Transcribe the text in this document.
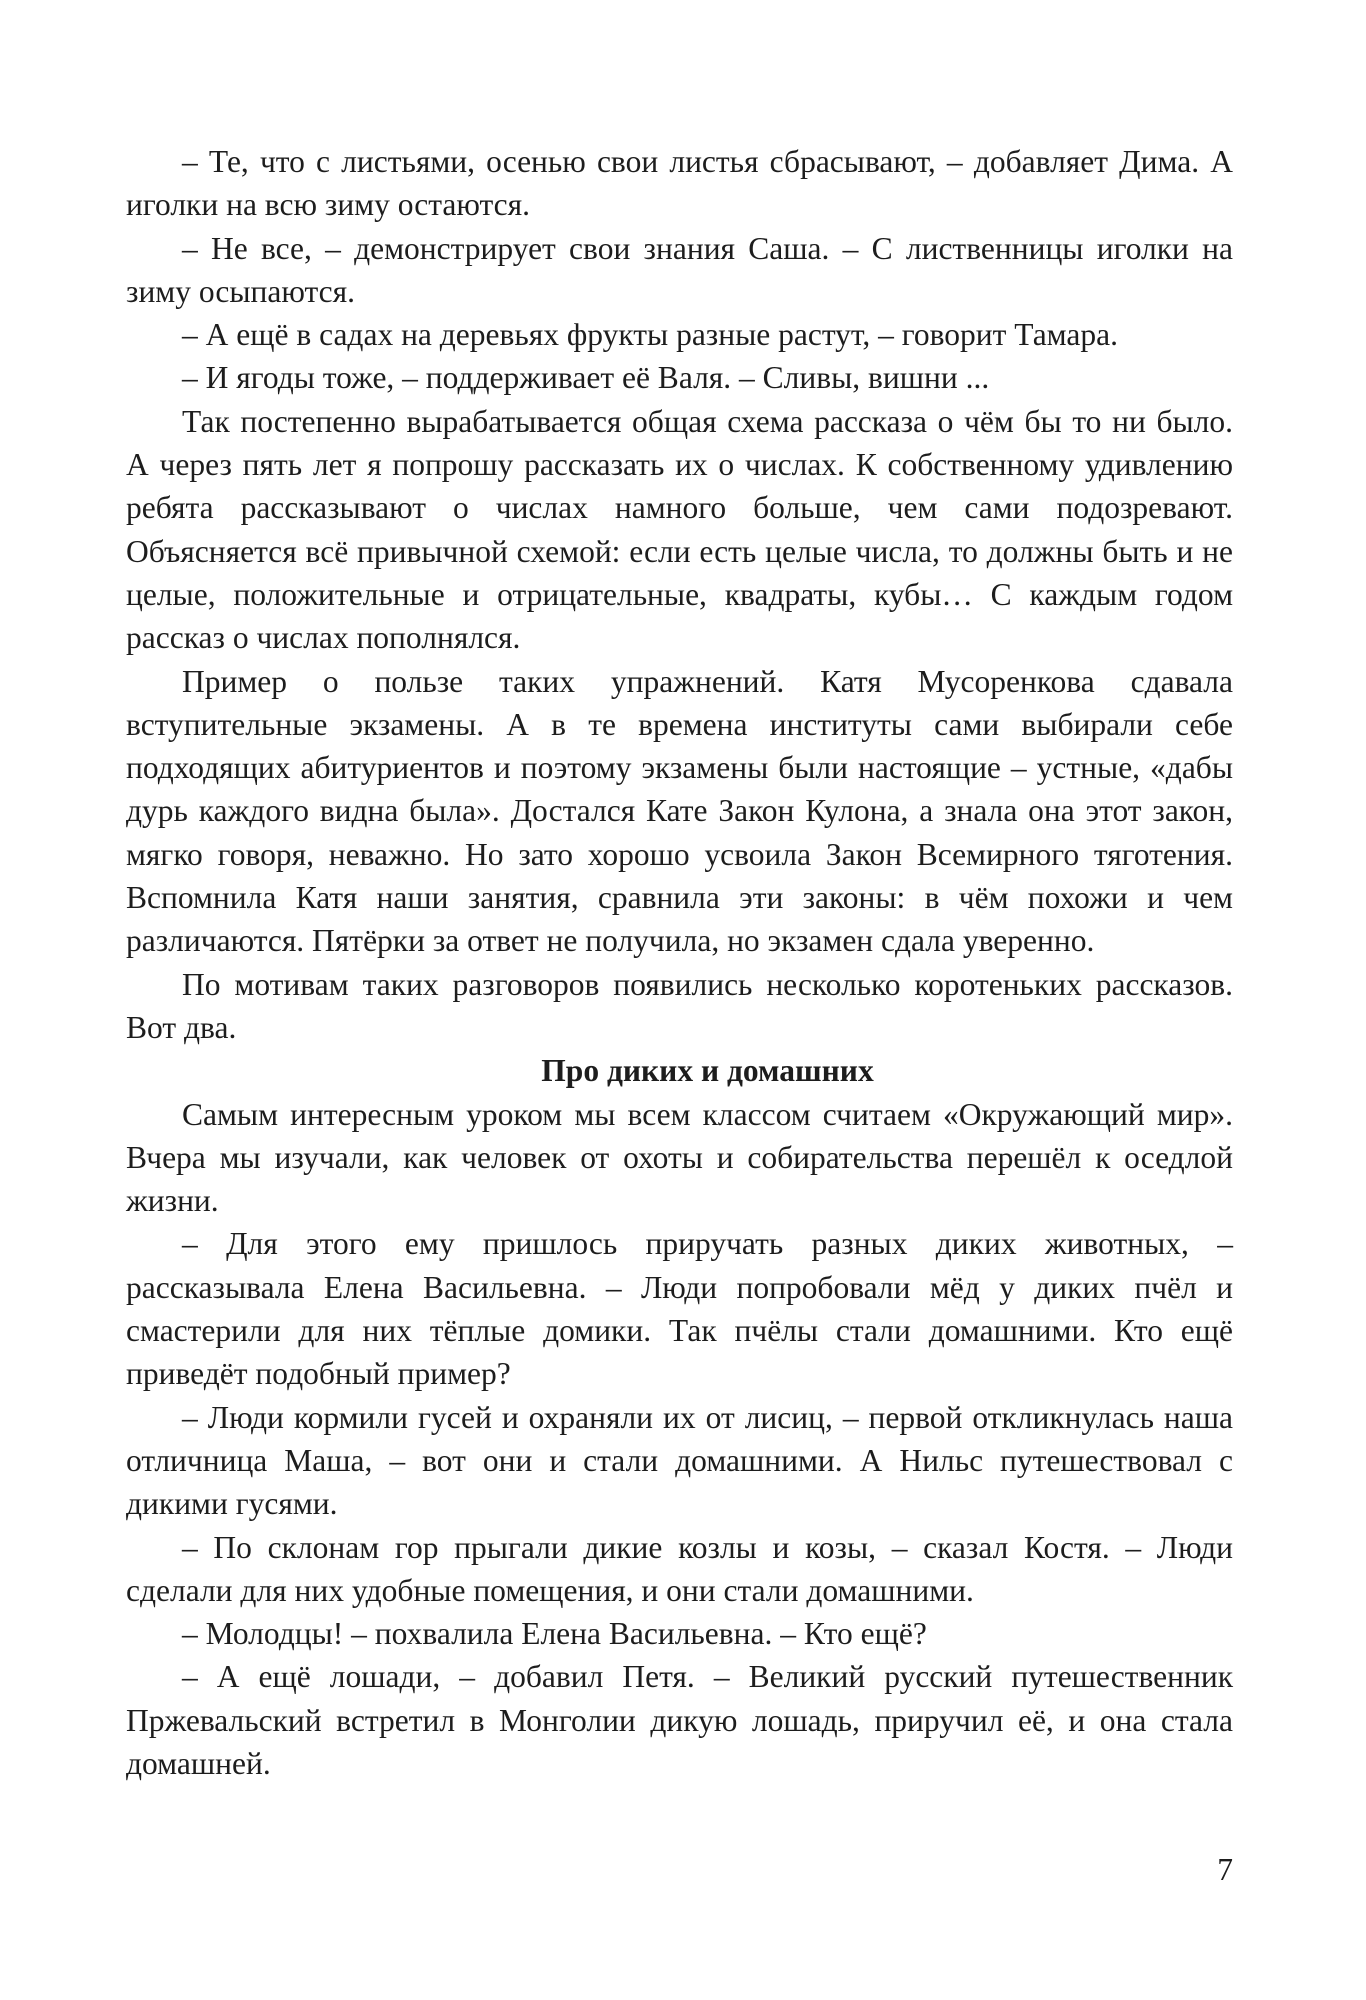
– Те, что с листьями, осенью свои листья сбрасывают, – добавляет Дима. А иголки на всю зиму остаются.

– Не все, – демонстрирует свои знания Саша. – С лиственницы иголки на зиму осыпаются.

– А ещё в садах на деревьях фрукты разные растут, – говорит Тамара.

– И ягоды тоже, – поддерживает её Валя. – Сливы, вишни ...

Так постепенно вырабатывается общая схема рассказа о чём бы то ни было. А через пять лет я попрошу рассказать их о числах. К собственному удивлению ребята рассказывают о числах намного больше, чем сами подозревают. Объясняется всё привычной схемой: если есть целые числа, то должны быть и не целые, положительные и отрицательные, квадраты, кубы… С каждым годом рассказ о числах пополнялся.

Пример о пользе таких упражнений. Катя Мусоренкова сдавала вступительные экзамены. А в те времена институты сами выбирали себе подходящих абитуриентов и поэтому экзамены были настоящие – устные, «дабы дурь каждого видна была». Достался Кате Закон Кулона, а знала она этот закон, мягко говоря, неважно. Но зато хорошо усвоила Закон Всемирного тяготения. Вспомнила Катя наши занятия, сравнила эти законы: в чём похожи и чем различаются. Пятёрки за ответ не получила, но экзамен сдала уверенно.

По мотивам таких разговоров появились несколько коротеньких рассказов. Вот два.

Про диких и домашних

Самым интересным уроком мы всем классом считаем «Окружающий мир». Вчера мы изучали, как человек от охоты и собирательства перешёл к оседлой жизни.

– Для этого ему пришлось приручать разных диких животных, – рассказывала Елена Васильевна. – Люди попробовали мёд у диких пчёл и смастерили для них тёплые домики. Так пчёлы стали домашними. Кто ещё приведёт подобный пример?

– Люди кормили гусей и охраняли их от лисиц, – первой откликнулась наша отличница Маша, – вот они и стали домашними. А Нильс путешествовал с дикими гусями.

– По склонам гор прыгали дикие козлы и козы, – сказал Костя. – Люди сделали для них удобные помещения, и они стали домашними.

– Молодцы! – похвалила Елена Васильевна. – Кто ещё?

– А ещё лошади, – добавил Петя. – Великий русский путешественник Пржевальский встретил в Монголии дикую лошадь, приручил её, и она стала домашней.

7
